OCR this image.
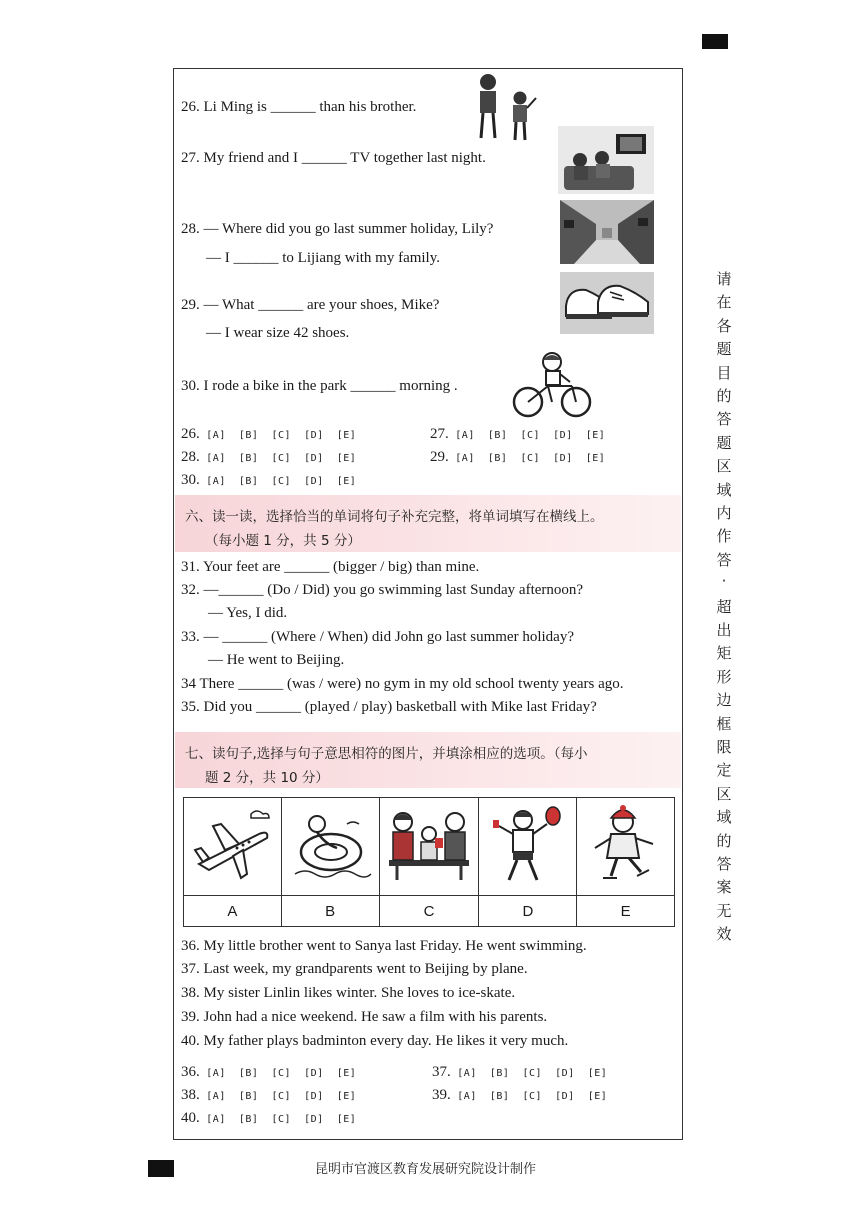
26. Li Ming is ______ than his brother.
27. My friend and I ______ TV together last night.
28. — Where did you go last summer holiday, Lily?
— I ______ to Lijiang with my family.
29. — What ______ are your shoes, Mike?
— I wear size 42 shoes.
30. I rode a bike in the park ______ morning .
26. [A] [B] [C] [D] [E]	27. [A] [B] [C] [D] [E]
28. [A] [B] [C] [D] [E]	29. [A] [B] [C] [D] [E]
30. [A] [B] [C] [D] [E]
六、读一读，选择恰当的单词将句子补充完整，将单词填写在横线上。
（每小题 1 分，共 5 分）
31. Your feet are ______ (bigger / big) than mine.
32. —______ (Do / Did) you go swimming last Sunday afternoon?
— Yes, I did.
33. — ______ (Where / When) did John go last summer holiday?
— He went to Beijing.
34 There ______ (was / were) no gym in my old school twenty years ago.
35. Did you ______ (played / play) basketball with Mike last Friday?
七、读句子,选择与句子意思相符的图片，并填涂相应的选项。（每小
题 2 分，共 10 分）

A	B	C	D	E
36. My little brother went to Sanya last Friday. He went swimming.
37. Last week, my grandparents went to Beijing by plane.
38. My sister Linlin likes winter. She loves to ice-skate.
39. John had a nice weekend. He saw a film with his parents.
40. My father plays badminton every day. He likes it very much.
36. [A] [B] [C] [D] [E]	37. [A] [B] [C] [D] [E]
38. [A] [B] [C] [D] [E]	39. [A] [B] [C] [D] [E]
40. [A] [B] [C] [D] [E]
请
在
各
题
目
的
答
题
区
域
内
作
答
·
超
出
矩
形
边
框
限
定
区
域
的
答
案
无
效
昆明市官渡区教育发展研究院设计制作
